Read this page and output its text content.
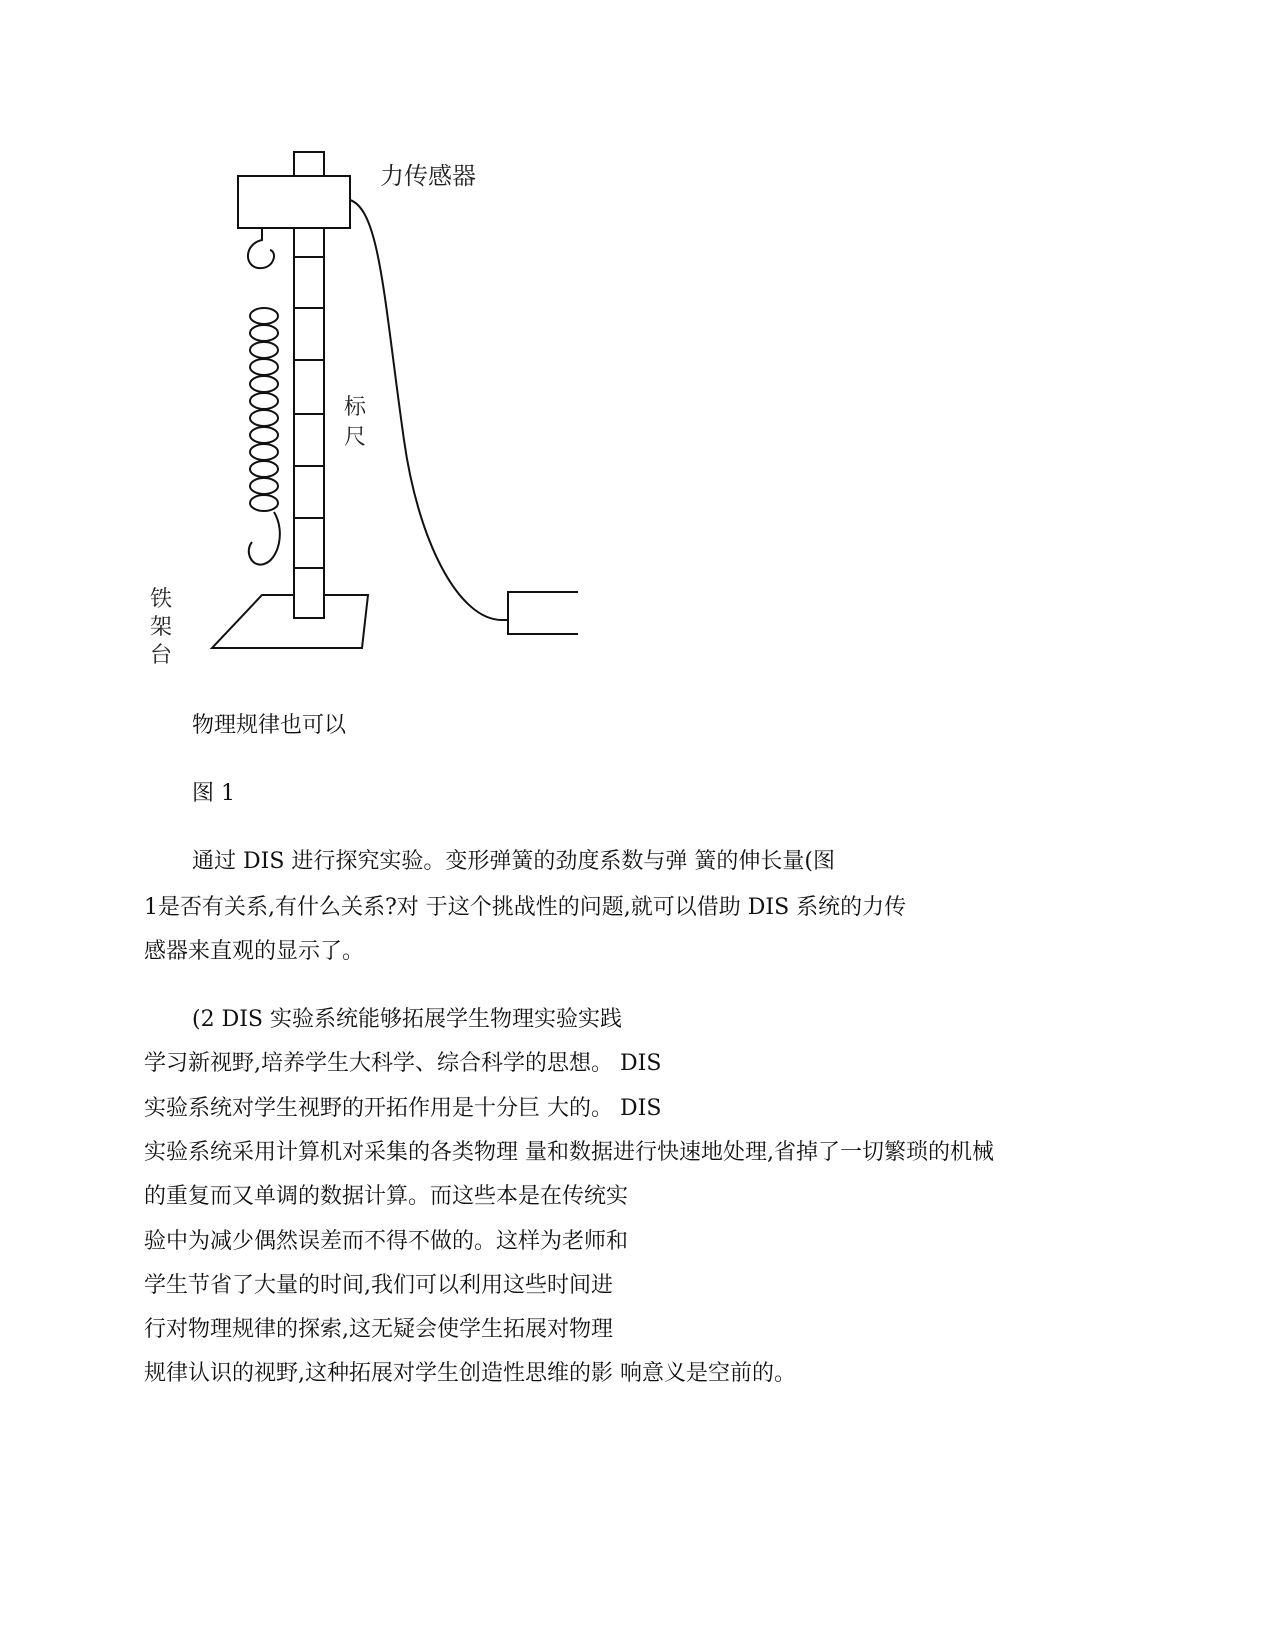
力传感器
标
尺
铁
架
台
物理规律也可以
图 1
通过 DIS 进行探究实验。变形弹簧的劲度系数与弹 簧的伸长量(图
1是否有关系,有什么关系?对 于这个挑战性的问题,就可以借助 DIS 系统的力传
感器来直观的显示了。
(2 DIS 实验系统能够拓展学生物理实验实践
学习新视野,培养学生大科学、综合科学的思想。 DIS
实验系统对学生视野的开拓作用是十分巨 大的。 DIS
实验系统采用计算机对采集的各类物理 量和数据进行快速地处理,省掉了一切繁琐的机械
的重复而又单调的数据计算。而这些本是在传统实
验中为减少偶然误差而不得不做的。这样为老师和
学生节省了大量的时间,我们可以利用这些时间进
行对物理规律的探索,这无疑会使学生拓展对物理
规律认识的视野,这种拓展对学生创造性思维的影 响意义是空前的。
